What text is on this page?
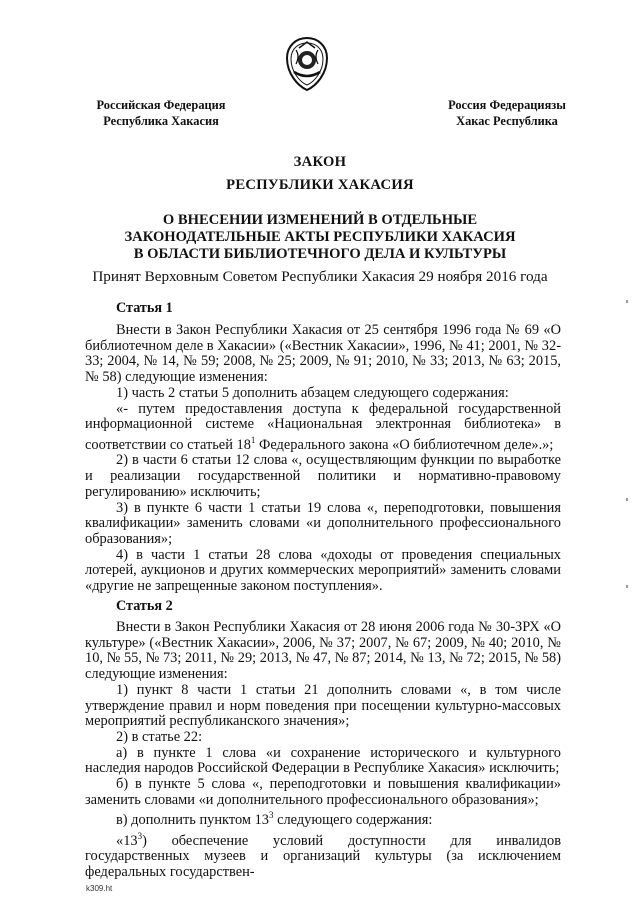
Российская Федерация
Республика Хакасия
Россия Федерациязы
Хакас Республика
ЗАКОН
РЕСПУБЛИКИ ХАКАСИЯ
О ВНЕСЕНИИ ИЗМЕНЕНИЙ В ОТДЕЛЬНЫЕ
ЗАКОНОДАТЕЛЬНЫЕ АКТЫ РЕСПУБЛИКИ ХАКАСИЯ
В ОБЛАСТИ БИБЛИОТЕЧНОГО ДЕЛА И КУЛЬТУРЫ
Принят Верховным Советом Республики Хакасия 29 ноября 2016 года
Статья 1

Внести в Закон Республики Хакасия от 25 сентября 1996 года № 69 «О библиотечном деле в Хакасии» («Вестник Хакасии», 1996, № 41; 2001, № 32-33; 2004, № 14, № 59; 2008, № 25; 2009, № 91; 2010, № 33; 2013, № 63; 2015, № 58) следующие изменения:

1) часть 2 статьи 5 дополнить абзацем следующего содержания:

«- путем предоставления доступа к федеральной государственной информационной системе «Национальная электронная библиотека» в соответствии со статьей $18^1$ Федерального закона «О библиотечном деле».»;

2) в части 6 статьи 12 слова «, осуществляющим функции по выработке и реализации государственной политики и нормативно-правовому регулированию» исключить;

3) в пункте 6 части 1 статьи 19 слова «, переподготовки, повышения квалификации» заменить словами «и дополнительного профессионального образования»;

4) в части 1 статьи 28 слова «доходы от проведения специальных лотерей, аукционов и других коммерческих мероприятий» заменить словами «другие не запрещенные законом поступления».

Статья 2

Внести в Закон Республики Хакасия от 28 июня 2006 года № 30-ЗРХ «О культуре» («Вестник Хакасии», 2006, № 37; 2007, № 67; 2009, № 40; 2010, № 10, № 55, № 73; 2011, № 29; 2013, № 47, № 87; 2014, № 13, № 72; 2015, № 58) следующие изменения:

1) пункт 8 части 1 статьи 21 дополнить словами «, в том числе утверждение правил и норм поведения при посещении культурно-массовых мероприятий республиканского значения»;

2) в статье 22:

а) в пункте 1 слова «и сохранение исторического и культурного наследия народов Российской Федерации в Республике Хакасия» исключить;

б) в пункте 5 слова «, переподготовки и повышения квалификации» заменить словами «и дополнительного профессионального образования»;

в) дополнить пунктом $13^3$ следующего содержания:

«$13^3$) обеспечение условий доступности для инвалидов государственных музеев и организаций культуры (за исключением федеральных государствен-

k309.ht
